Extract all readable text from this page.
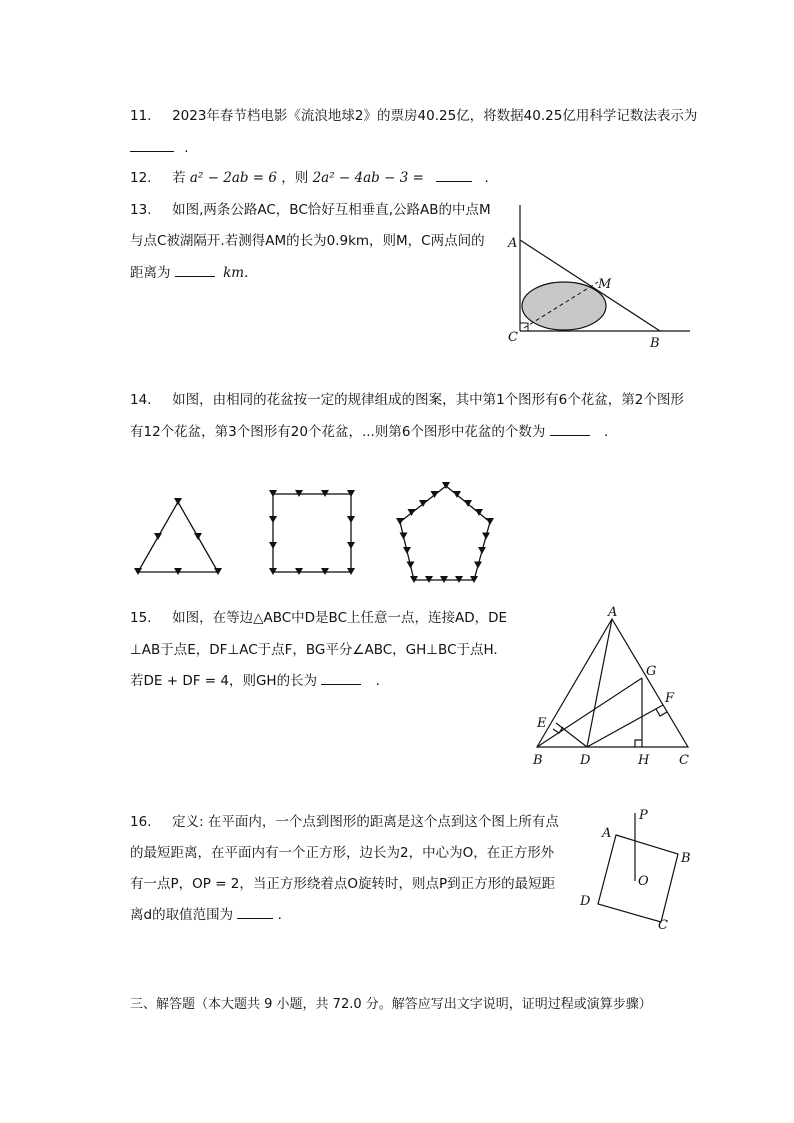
11. 2023年春节档电影《流浪地球2》的票房40.25亿，将数据40.25亿用科学记数法表示为
.
12. 若 a² − 2ab = 6 ，则 2a² − 4ab − 3 =	.
13. 如图,两条公路AC，BC恰好互相垂直,公路AB的中点M
与点C被湖隔开.若测得AM的长为0.9km，则M，C两点间的
距离为	km.
A
M
C	B
14. 如图，由相同的花盆按一定的规律组成的图案，其中第1个图形有6个花盆，第2个图形
有12个花盆，第3个图形有20个花盆，...则第6个图形中花盆的个数为	.
15. 如图，在等边△ABC中D是BC上任意一点，连接AD，DE
⊥AB于点E，DF⊥AC于点F，BG平分∠ABC，GH⊥BC于点H.
若DE + DF = 4，则GH的长为	.
A
G
F
E
B	D	H C
16. 定义: 在平面内，一个点到图形的距离是这个点到这个图上所有点
的最短距离，在平面内有一个正方形，边长为2，中心为O，在正方形外
有一点P，OP = 2，当正方形绕着点O旋转时，则点P到正方形的最短距
离d的取值范围为	.
P
A
B
O
D
C
三、解答题（本大题共 9 小题，共 72.0 分。解答应写出文字说明，证明过程或演算步骤）
